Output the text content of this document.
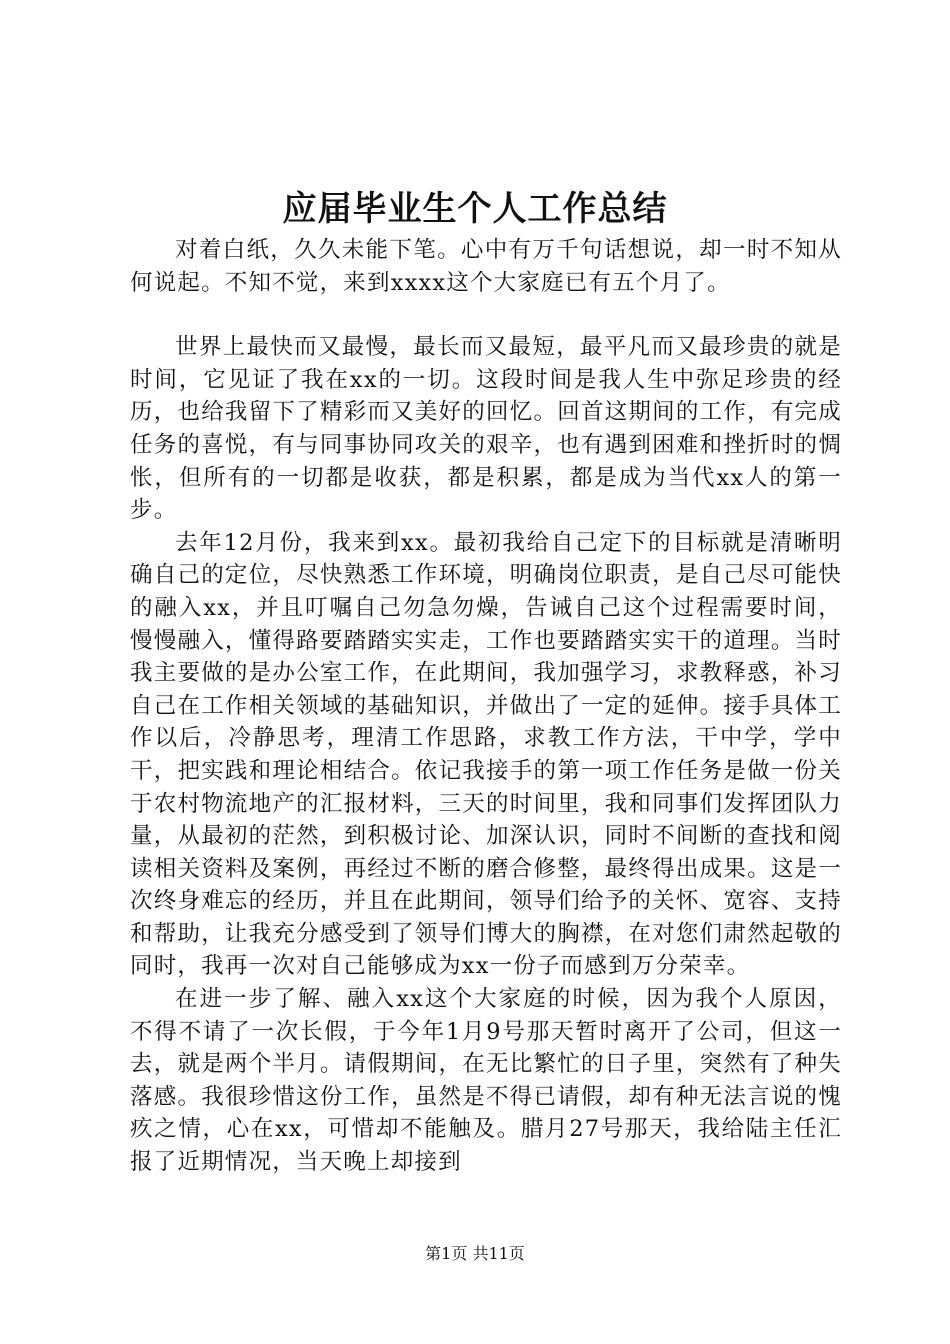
应届毕业生个人工作总结

对着白纸，久久未能下笔。心中有万千句话想说，却一时不知从何说起。不知不觉，来到xxxx这个大家庭已有五个月了。

世界上最快而又最慢，最长而又最短，最平凡而又最珍贵的就是时间，它见证了我在xx的一切。这段时间是我人生中弥足珍贵的经历，也给我留下了精彩而又美好的回忆。回首这期间的工作，有完成任务的喜悦，有与同事协同攻关的艰辛，也有遇到困难和挫折时的惆怅，但所有的一切都是收获，都是积累，都是成为当代xx人的第一步。

去年12月份，我来到xx。最初我给自己定下的目标就是清晰明确自己的定位，尽快熟悉工作环境，明确岗位职责，是自己尽可能快的融入xx，并且叮嘱自己勿急勿燥，告诫自己这个过程需要时间，慢慢融入，懂得路要踏踏实实走，工作也要踏踏实实干的道理。当时我主要做的是办公室工作，在此期间，我加强学习，求教释惑，补习自己在工作相关领域的基础知识，并做出了一定的延伸。接手具体工作以后，冷静思考，理清工作思路，求教工作方法，干中学，学中干，把实践和理论相结合。依记我接手的第一项工作任务是做一份关于农村物流地产的汇报材料，三天的时间里，我和同事们发挥团队力量，从最初的茫然，到积极讨论、加深认识，同时不间断的查找和阅读相关资料及案例，再经过不断的磨合修整，最终得出成果。这是一次终身难忘的经历，并且在此期间，领导们给予的关怀、宽容、支持和帮助，让我充分感受到了领导们博大的胸襟，在对您们肃然起敬的同时，我再一次对自己能够成为xx一份子而感到万分荣幸。

在进一步了解、融入xx这个大家庭的时候，因为我个人原因，不得不请了一次长假，于今年1月9号那天暂时离开了公司，但这一去，就是两个半月。请假期间，在无比繁忙的日子里，突然有了种失落感。我很珍惜这份工作，虽然是不得已请假，却有种无法言说的愧疚之情，心在xx，可惜却不能触及。腊月27号那天，我给陆主任汇报了近期情况，当天晚上却接到

第1页 共11页
